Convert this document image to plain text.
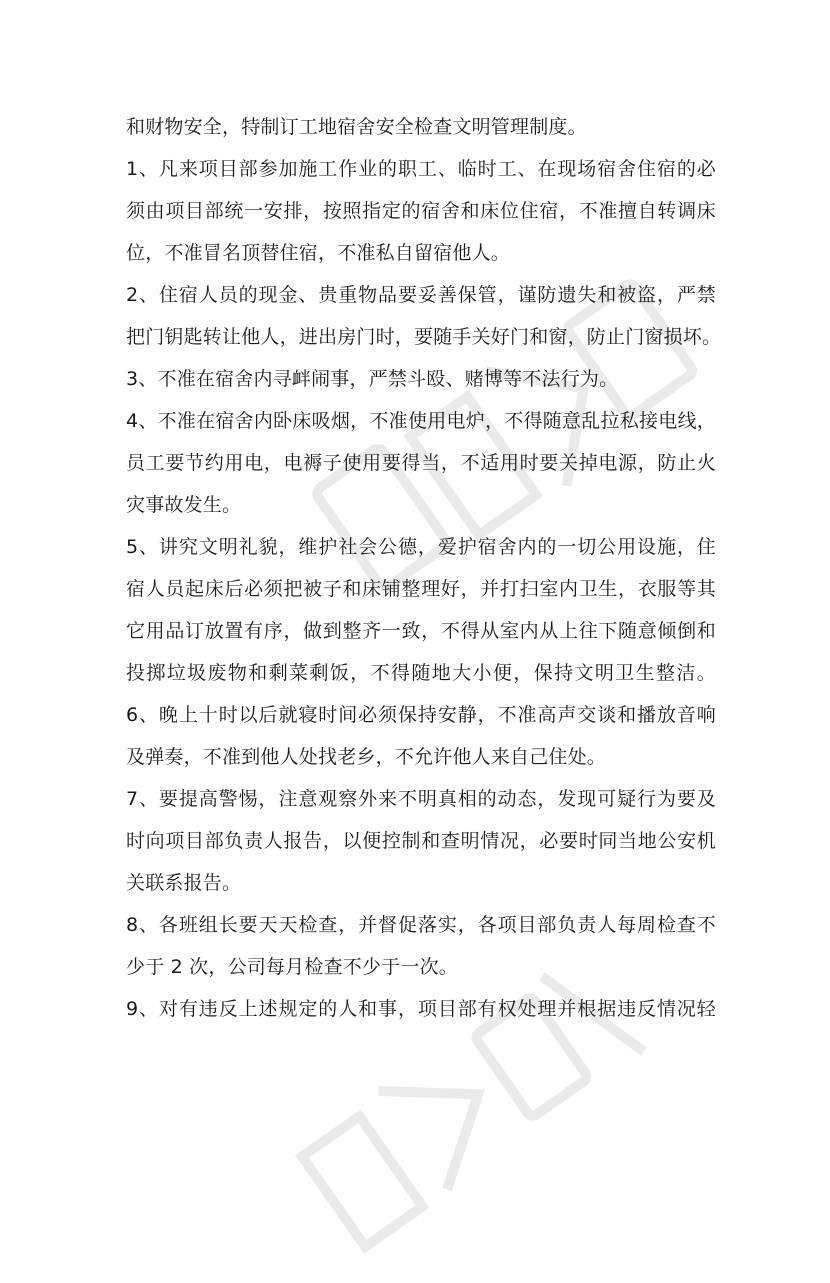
和财物安全，特制订工地宿舍安全检查文明管理制度。
1、凡来项目部参加施工作业的职工、临时工、在现场宿舍住宿的必
须由项目部统一安排，按照指定的宿舍和床位住宿，不准擅自转调床
位，不准冒名顶替住宿，不准私自留宿他人。
2、住宿人员的现金、贵重物品要妥善保管，谨防遗失和被盗，严禁
把门钥匙转让他人，进出房门时，要随手关好门和窗，防止门窗损坏。
3、不准在宿舍内寻衅闹事，严禁斗殴、赌博等不法行为。
4、不准在宿舍内卧床吸烟，不准使用电炉，不得随意乱拉私接电线，
员工要节约用电，电褥子使用要得当，不适用时要关掉电源，防止火
灾事故发生。
5、讲究文明礼貌，维护社会公德，爱护宿舍内的一切公用设施，住
宿人员起床后必须把被子和床铺整理好，并打扫室内卫生，衣服等其
它用品订放置有序，做到整齐一致，不得从室内从上往下随意倾倒和
投掷垃圾废物和剩菜剩饭，不得随地大小便，保持文明卫生整洁。
6、晚上十时以后就寝时间必须保持安静，不准高声交谈和播放音响
及弹奏，不准到他人处找老乡，不允许他人来自己住处。
7、要提高警惕，注意观察外来不明真相的动态，发现可疑行为要及
时向项目部负责人报告，以便控制和查明情况，必要时同当地公安机
关联系报告。
8、各班组长要天天检查，并督促落实，各项目部负责人每周检查不
少于 2 次，公司每月检查不少于一次。
9、对有违反上述规定的人和事，项目部有权处理并根据违反情况轻
